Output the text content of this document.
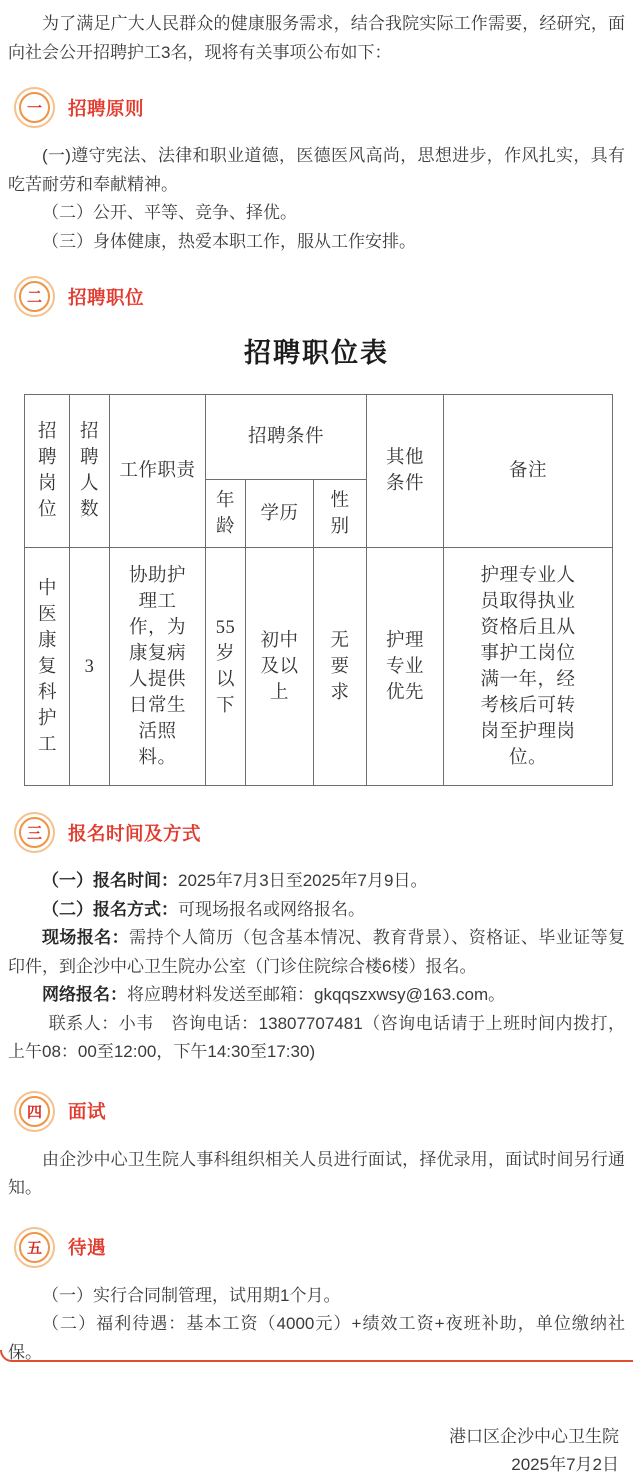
为了满足广大人民群众的健康服务需求，结合我院实际工作需要，经研究，面向社会公开招聘护工3名，现将有关事项公布如下：

一	招聘原则

(一)遵守宪法、法律和职业道德，医德医风高尚，思想进步，作风扎实，具有吃苦耐劳和奉献精神。

（二）公开、平等、竞争、择优。

（三）身体健康，热爱本职工作，服从工作安排。

二	招聘职位
招聘职位表
招聘岗位	招聘人数	工作职责	招聘条件			其他条件	备注
			年龄	学历	性别		
中医康复科护工	3	协助护理工作，为康复病人提供日常生活照料。	55岁以下	初中及以上	无要求	护理专业优先	护理专业人员取得执业资格后且从事护工岗位满一年，经考核后可转岗至护理岗位。
三	报名时间及方式

（一）报名时间：2025年7月3日至2025年7月9日。

（二）报名方式：可现场报名或网络报名。

现场报名：需持个人简历（包含基本情况、教育背景）、资格证、毕业证等复印件，到企沙中心卫生院办公室（门诊住院综合楼6楼）报名。

网络报名：将应聘材料发送至邮箱：gkqqszxwsy@163.com。

联系人：小韦　咨询电话：13807707481（咨询电话请于上班时间内拨打，上午08：00至12:00，下午14:30至17:30)

四	面试

由企沙中心卫生院人事科组织相关人员进行面试，择优录用，面试时间另行通知。

五	待遇

（一）实行合同制管理，试用期1个月。

（二）福利待遇：基本工资（4000元）+绩效工资+夜班补助，单位缴纳社保。

港口区企沙中心卫生院
2025年7月2日
